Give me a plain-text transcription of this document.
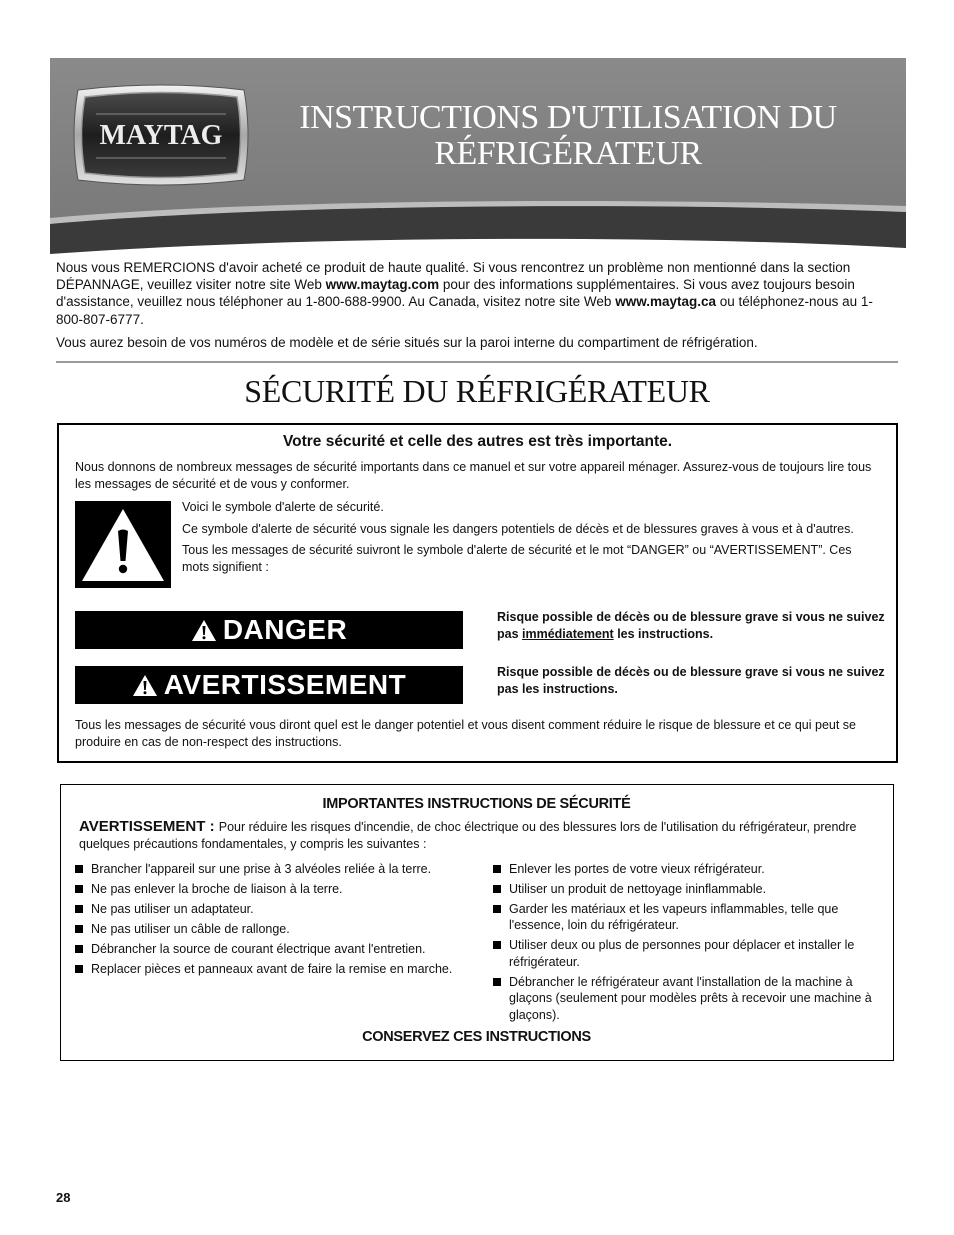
MAYTAG	INSTRUCTIONS D'UTILISATION DU
RÉFRIGÉRATEUR

Nous vous REMERCIONS d'avoir acheté ce produit de haute qualité. Si vous rencontrez un problème non mentionné dans la section DÉPANNAGE, veuillez visiter notre site Web www.maytag.com pour des informations supplémentaires. Si vous avez toujours besoin d'assistance, veuillez nous téléphoner au 1-800-688-9900. Au Canada, visitez notre site Web www.maytag.ca ou téléphonez-nous au 1-800-807-6777.

Vous aurez besoin de vos numéros de modèle et de série situés sur la paroi interne du compartiment de réfrigération.

SÉCURITÉ DU RÉFRIGÉRATEUR
Votre sécurité et celle des autres est très importante.
Nous donnons de nombreux messages de sécurité importants dans ce manuel et sur votre appareil ménager. Assurez-vous de toujours lire tous les messages de sécurité et de vous y conformer.

Voici le symbole d'alerte de sécurité.

Ce symbole d'alerte de sécurité vous signale les dangers potentiels de décès et de blessures graves à vous et à d'autres.

Tous les messages de sécurité suivront le symbole d'alerte de sécurité et le mot “DANGER” ou “AVERTISSEMENT”. Ces mots signifient :

DANGER	Risque possible de décès ou de blessure grave si vous ne suivez pas immédiatement les instructions.
AVERTISSEMENT	Risque possible de décès ou de blessure grave si vous ne suivez pas les instructions.
Tous les messages de sécurité vous diront quel est le danger potentiel et vous disent comment réduire le risque de blessure et ce qui peut se produire en cas de non-respect des instructions.
IMPORTANTES INSTRUCTIONS DE SÉCURITÉ
AVERTISSEMENT : Pour réduire les risques d'incendie, de choc électrique ou des blessures lors de l'utilisation du réfrigérateur, prendre quelques précautions fondamentales, y compris les suivantes :
Brancher l'appareil sur une prise à 3 alvéoles reliée à la terre.
Ne pas enlever la broche de liaison à la terre.
Ne pas utiliser un adaptateur.
Ne pas utiliser un câble de rallonge.
Débrancher la source de courant électrique avant l'entretien.
Replacer pièces et panneaux avant de faire la remise en marche.
Enlever les portes de votre vieux réfrigérateur.
Utiliser un produit de nettoyage ininflammable.
Garder les matériaux et les vapeurs inflammables, telle que l'essence, loin du réfrigérateur.
Utiliser deux ou plus de personnes pour déplacer et installer le réfrigérateur.
Débrancher le réfrigérateur avant l'installation de la machine à glaçons (seulement pour modèles prêts à recevoir une machine à glaçons).
CONSERVEZ CES INSTRUCTIONS
28
